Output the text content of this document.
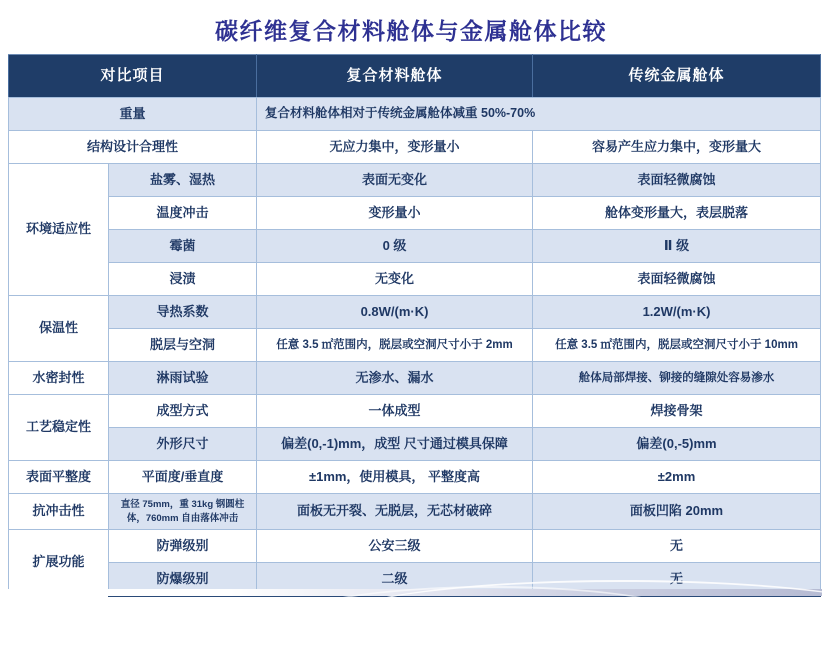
碳纤维复合材料舱体与金属舱体比较
对比项目		复合材料舱体	传统金属舱体
重量		复合材料舱体相对于传统金属舱体减重 50%-70%	
结构设计合理性		无应力集中，变形量小	容易产生应力集中，变形量大
环境适应性	盐雾、湿热	表面无变化	表面轻微腐蚀
	温度冲击	变形量小	舱体变形量大，表层脱落
	霉菌	0 级	Ⅱ 级
	浸渍	无变化	表面轻微腐蚀
保温性	导热系数	0.8W/(m·K)	1.2W/(m·K)
	脱层与空洞	任意 3.5 ㎡范围内，脱层或空洞尺寸小于 2mm	任意 3.5 ㎡范围内，脱层或空洞尺寸小于 10mm
水密封性	淋雨试验	无渗水、漏水	舱体局部焊接、铆接的缝隙处容易渗水
工艺稳定性	成型方式	一体成型	焊接骨架
	外形尺寸	偏差(0,-1)mm，成型 尺寸通过模具保障	偏差(0,-5)mm
表面平整度	平面度/垂直度	±1mm，使用模具， 平整度高	±2mm
抗冲击性	直径 75mm，重 31kg 钢圆柱体，760mm 自由落体冲击	面板无开裂、无脱层，无芯材破碎	面板凹陷 20mm
扩展功能	防弹级别	公安三级	无
	防爆级别	二级	无
